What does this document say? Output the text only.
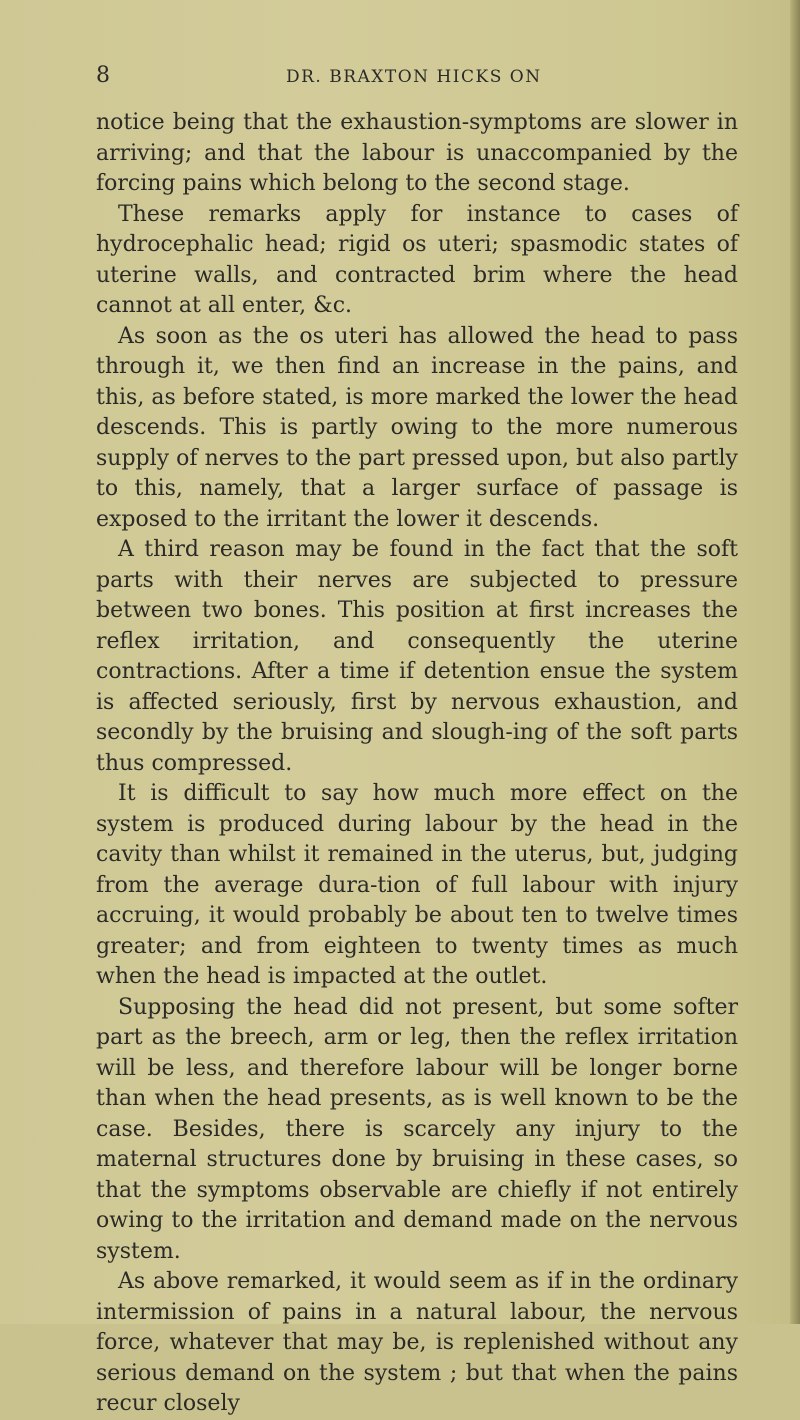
8	DR. BRAXTON HICKS ON

notice being that the exhaustion-symptoms are slower in arriving; and that the labour is unaccompanied by the forcing pains which belong to the second stage.

These remarks apply for instance to cases of hydrocephalic head; rigid os uteri; spasmodic states of uterine walls, and contracted brim where the head cannot at all enter, &c.

As soon as the os uteri has allowed the head to pass through it, we then find an increase in the pains, and this, as before stated, is more marked the lower the head descends. This is partly owing to the more numerous supply of nerves to the part pressed upon, but also partly to this, namely, that a larger surface of passage is exposed to the irritant the lower it descends.

A third reason may be found in the fact that the soft parts with their nerves are subjected to pressure between two bones. This position at first increases the reflex irritation, and consequently the uterine contractions. After a time if detention ensue the system is affected seriously, first by nervous exhaustion, and secondly by the bruising and slough-ing of the soft parts thus compressed.

It is difficult to say how much more effect on the system is produced during labour by the head in the cavity than whilst it remained in the uterus, but, judging from the average dura-tion of full labour with injury accruing, it would probably be about ten to twelve times greater; and from eighteen to twenty times as much when the head is impacted at the outlet.

Supposing the head did not present, but some softer part as the breech, arm or leg, then the reflex irritation will be less, and therefore labour will be longer borne than when the head presents, as is well known to be the case. Besides, there is scarcely any injury to the maternal structures done by bruising in these cases, so that the symptoms observable are chiefly if not entirely owing to the irritation and demand made on the nervous system.

As above remarked, it would seem as if in the ordinary intermission of pains in a natural labour, the nervous force, whatever that may be, is replenished without any serious demand on the system ; but that when the pains recur closely
